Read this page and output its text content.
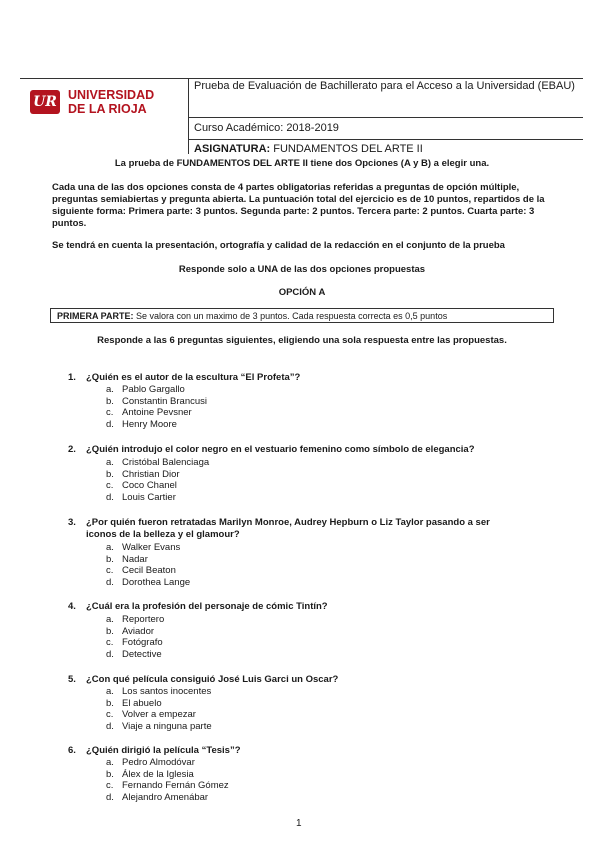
UR UNIVERSIDAD
DE LA RIOJA
Prueba de Evaluación de Bachillerato para el Acceso a la Universidad (EBAU)
Curso Académico: 2018-2019
ASIGNATURA: FUNDAMENTOS DEL ARTE II
La prueba de FUNDAMENTOS DEL ARTE II tiene dos Opciones (A y B) a elegir una.
Cada una de las dos opciones consta de 4 partes obligatorias referidas a preguntas de opción múltiple, preguntas semiabiertas y pregunta abierta. La puntuación total del ejercicio es de 10 puntos, repartidos de la siguiente forma: Primera parte: 3 puntos. Segunda parte: 2 puntos. Tercera parte: 2 puntos. Cuarta parte: 3 puntos.
Se tendrá en cuenta la presentación, ortografía y calidad de la redacción en el conjunto de la prueba
Responde solo a UNA de las dos opciones propuestas
OPCIÓN A
PRIMERA PARTE: Se valora con un maximo de 3 puntos. Cada respuesta correcta es 0,5 puntos
Responde a las 6 preguntas siguientes, eligiendo una sola respuesta entre las propuestas.
1. ¿Quién es el autor de la escultura “El Profeta”?
a. Pablo Gargallo
b. Constantin Brancusi
c. Antoine Pevsner
d. Henry Moore
2. ¿Quién introdujo el color negro en el vestuario femenino como símbolo de elegancia?
a. Cristóbal Balenciaga
b. Christian Dior
c. Coco Chanel
d. Louis Cartier
3. ¿Por quién fueron retratadas Marilyn Monroe, Audrey Hepburn o Liz Taylor pasando a ser iconos de la belleza y el glamour?
a. Walker Evans
b. Nadar
c. Cecil Beaton
d. Dorothea Lange
4. ¿Cuál era la profesión del personaje de cómic Tintín?
a. Reportero
b. Aviador
c. Fotógrafo
d. Detective
5. ¿Con qué película consiguió José Luis Garci un Oscar?
a. Los santos inocentes
b. El abuelo
c. Volver a empezar
d. Viaje a ninguna parte
6. ¿Quién dirigió la película “Tesis”?
a. Pedro Almodóvar
b. Álex de la Iglesia
c. Fernando Fernán Gómez
d. Alejandro Amenábar
1
